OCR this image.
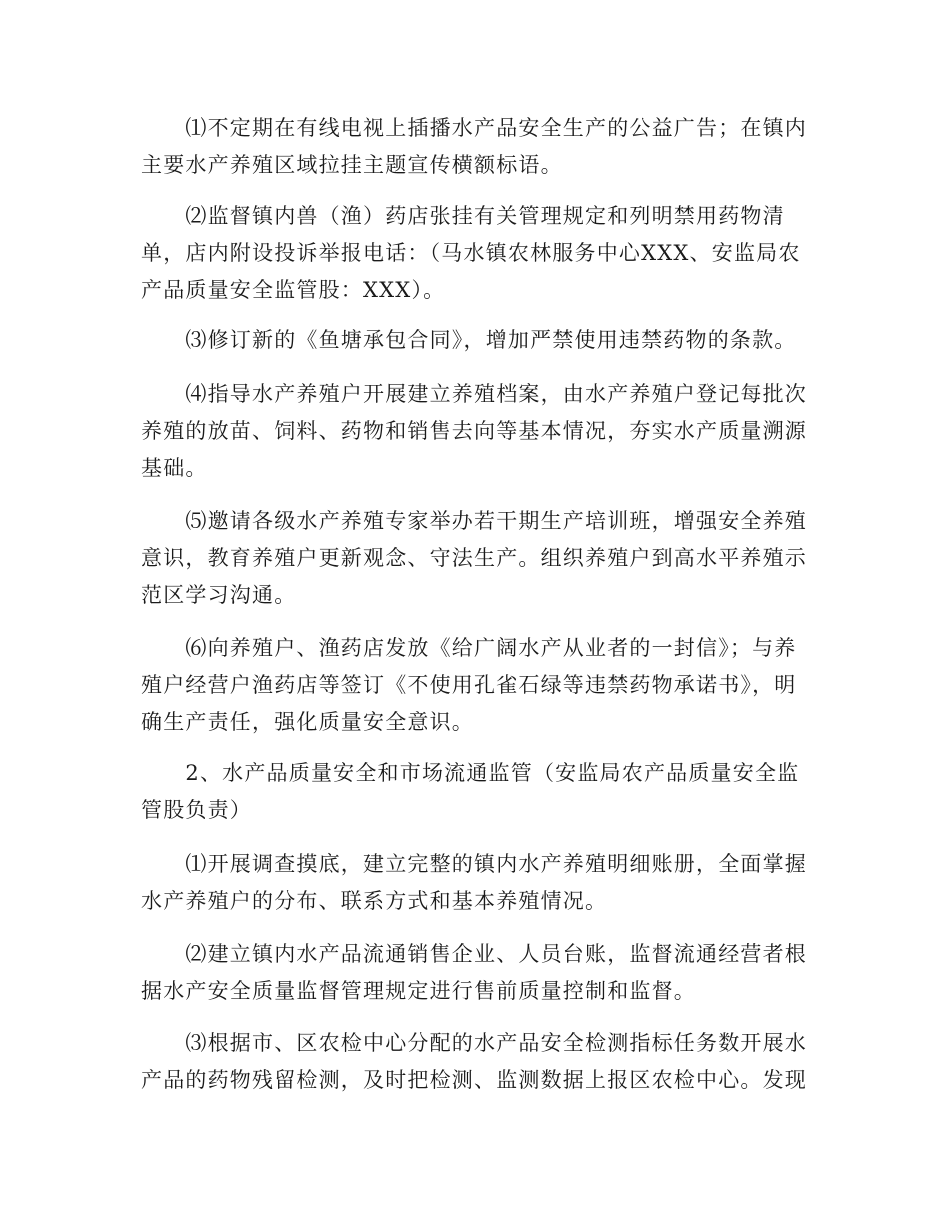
　　⑴不定期在有线电视上插播水产品安全生产的公益广告；在镇内主要水产养殖区域拉挂主题宣传横额标语。

　　⑵监督镇内兽（渔）药店张挂有关管理规定和列明禁用药物清单，店内附设投诉举报电话：（马水镇农林服务中心XXX、安监局农产品质量安全监管股：XXX）。

　　⑶修订新的《鱼塘承包合同》，增加严禁使用违禁药物的条款。

　　⑷指导水产养殖户开展建立养殖档案，由水产养殖户登记每批次养殖的放苗、饲料、药物和销售去向等基本情况，夯实水产质量溯源基础。

　　⑸邀请各级水产养殖专家举办若干期生产培训班，增强安全养殖意识，教育养殖户更新观念、守法生产。组织养殖户到高水平养殖示范区学习沟通。

　　⑹向养殖户、渔药店发放《给广阔水产从业者的一封信》；与养殖户经营户渔药店等签订《不使用孔雀石绿等违禁药物承诺书》，明确生产责任，强化质量安全意识。

　　2、水产品质量安全和市场流通监管（安监局农产品质量安全监管股负责）

　　⑴开展调查摸底，建立完整的镇内水产养殖明细账册，全面掌握水产养殖户的分布、联系方式和基本养殖情况。

　　⑵建立镇内水产品流通销售企业、人员台账，监督流通经营者根据水产安全质量监督管理规定进行售前质量控制和监督。

　　⑶根据市、区农检中心分配的水产品安全检测指标任务数开展水产品的药物残留检测，及时把检测、监测数据上报区农检中心。发现
